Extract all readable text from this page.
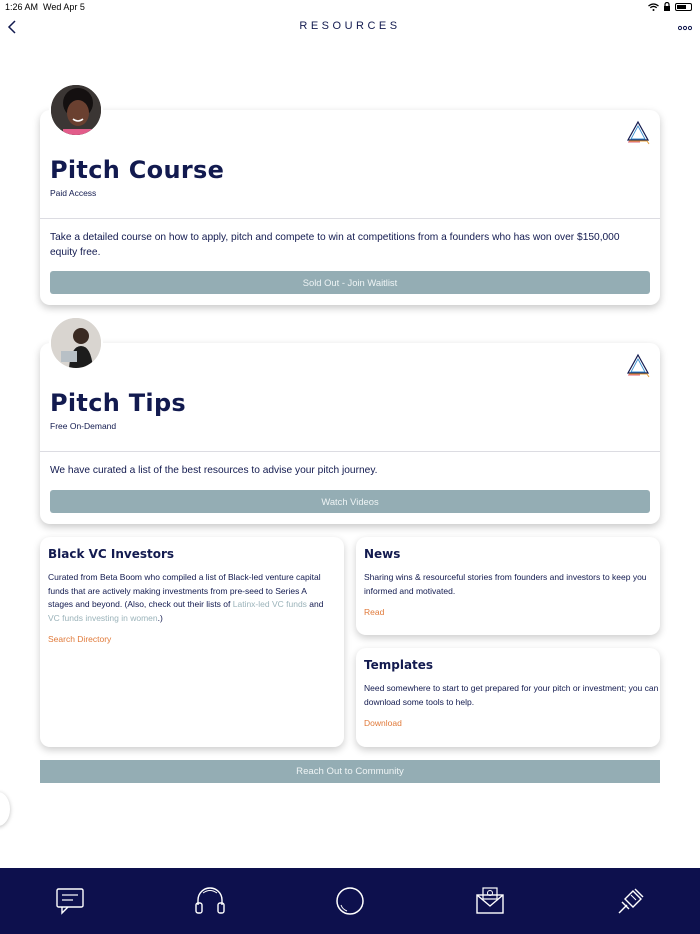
1:26 AM Wed Apr 5
RESOURCES
Pitch Course
Paid Access
Take a detailed course on how to apply, pitch and compete to win at competitions from a founders who has won over $150,000 equity free.
Sold Out - Join Waitlist
Pitch Tips
Free On-Demand
We have curated a list of the best resources to advise your pitch journey.
Watch Videos
Black VC Investors
Curated from Beta Boom who compiled a list of Black-led venture capital funds that are actively making investments from pre-seed to Series A stages and beyond. (Also, check out their lists of Latinx-led VC funds and VC funds investing in women.)
Search Directory
News
Sharing wins & resourceful stories from founders and investors to keep you informed and motivated.
Read
Templates
Need somewhere to start to get prepared for your pitch or investment; you can download some tools to help.
Download
Reach Out to Community
